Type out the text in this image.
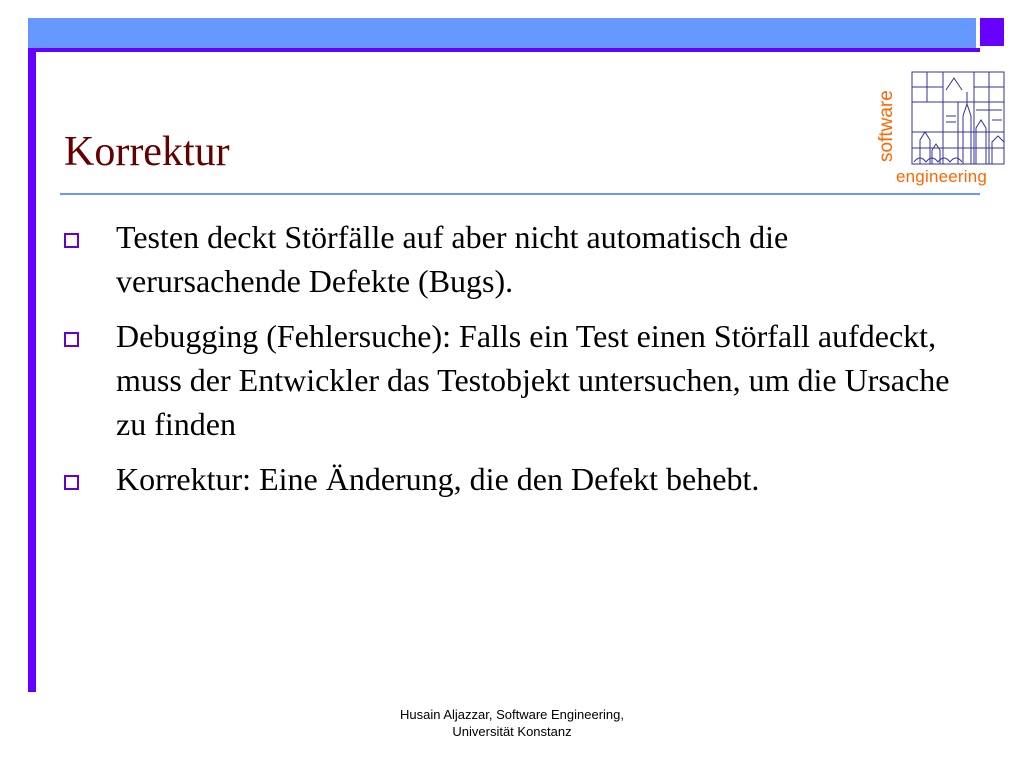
Korrektur	software
engineering
Testen deckt Störfälle auf aber nicht automatisch die verursachende Defekte (Bugs).
Debugging (Fehlersuche): Falls ein Test einen Störfall aufdeckt, muss der Entwickler das Testobjekt untersuchen, um die Ursache zu finden
Korrektur: Eine Änderung, die den Defekt behebt.
Husain Aljazzar, Software Engineering,
Universität Konstanz
